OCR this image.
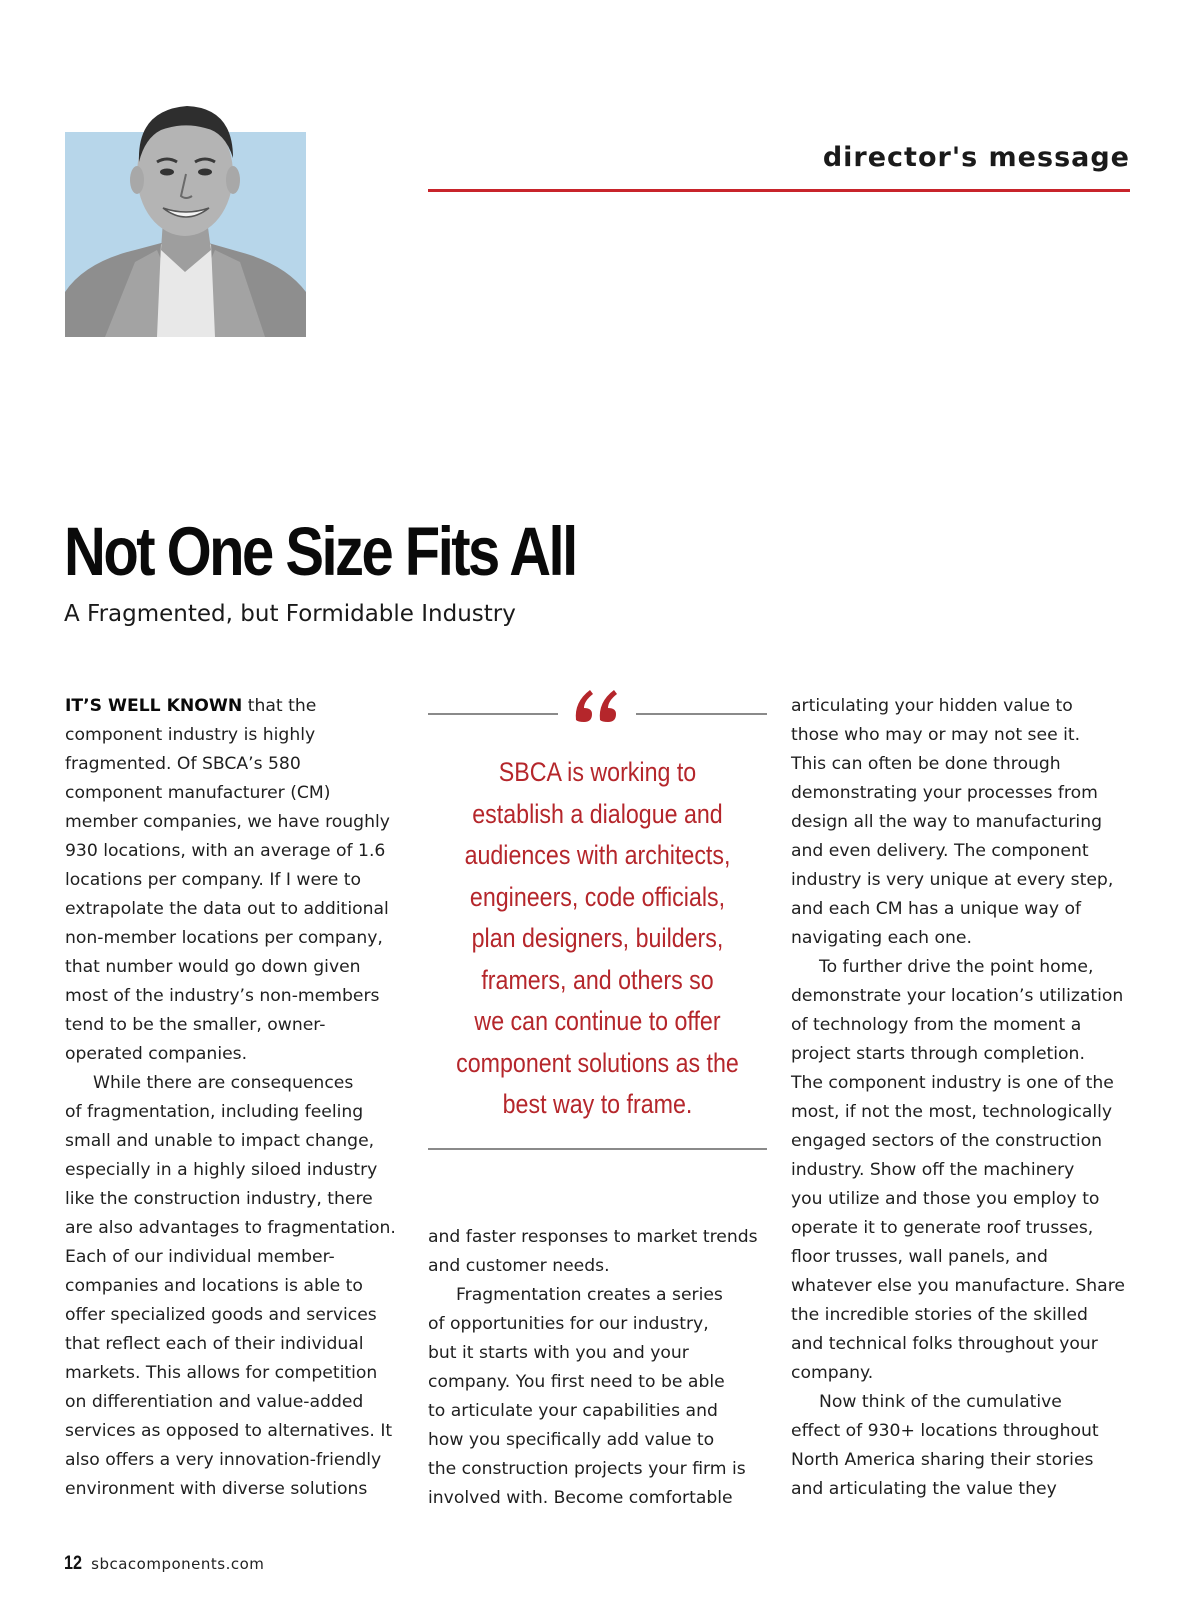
director's message
Not One Size Fits All
A Fragmented, but Formidable Industry

IT’S WELL KNOWN that the
component industry is highly
fragmented. Of SBCA’s 580
component manufacturer (CM)
member companies, we have roughly
930 locations, with an average of 1.6
locations per company. If I were to
extrapolate the data out to additional
non-member locations per company,
that number would go down given
most of the industry’s non-members
tend to be the smaller, owner-
operated companies.

While there are consequences
of fragmentation, including feeling
small and unable to impact change,
especially in a highly siloed industry
like the construction industry, there
are also advantages to fragmentation.
Each of our individual member-
companies and locations is able to
offer specialized goods and services
that reflect each of their individual
markets. This allows for competition
on differentiation and value-added
services as opposed to alternatives. It
also offers a very innovation-friendly
environment with diverse solutions

SBCA is working to
establish a dialogue and
audiences with architects,
engineers, code officials,
plan designers, builders,
framers, and others so
we can continue to offer
component solutions as the
best way to frame.

and faster responses to market trends
and customer needs.

Fragmentation creates a series
of opportunities for our industry,
but it starts with you and your
company. You first need to be able
to articulate your capabilities and
how you specifically add value to
the construction projects your firm is
involved with. Become comfortable

articulating your hidden value to
those who may or may not see it.
This can often be done through
demonstrating your processes from
design all the way to manufacturing
and even delivery. The component
industry is very unique at every step,
and each CM has a unique way of
navigating each one.

To further drive the point home,
demonstrate your location’s utilization
of technology from the moment a
project starts through completion.
The component industry is one of the
most, if not the most, technologically
engaged sectors of the construction
industry. Show off the machinery
you utilize and those you employ to
operate it to generate roof trusses,
floor trusses, wall panels, and
whatever else you manufacture. Share
the incredible stories of the skilled
and technical folks throughout your
company.

Now think of the cumulative
effect of 930+ locations throughout
North America sharing their stories
and articulating the value they

12 sbcacomponents.com
